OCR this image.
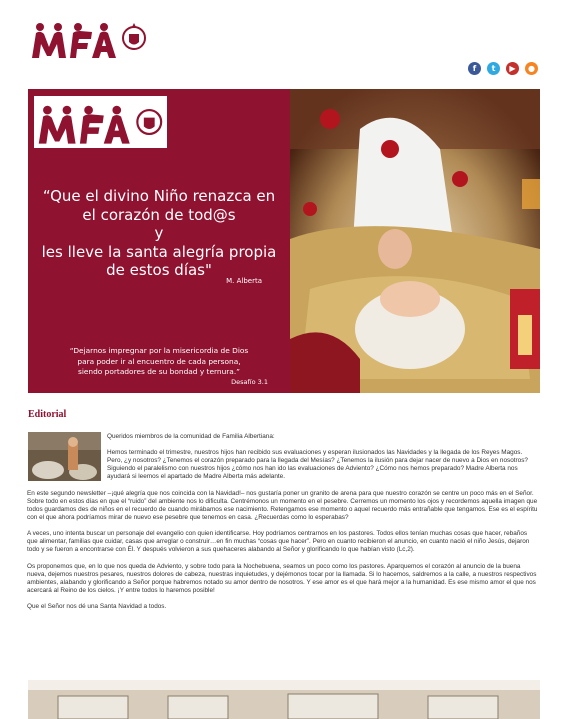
f	t	▶	●
“Que el divino Niño renazca en
el corazón de tod@s
y
les lleve la santa alegría propia
de estos días"
M. Alberta
“Dejarnos impregnar por la misericordia de Dios
para poder ir al encuentro de cada persona,
siendo portadores de su bondad y ternura.”
Desafío 3.1
Editorial

Queridos miembros de la comunidad de Familia Albertiana:

Hemos terminado el trimestre, nuestros hijos han recibido sus evaluaciones y esperan ilusionados las Navidades y la llegada de los Reyes Magos. Pero, ¿y nosotros? ¿Tenemos el corazón preparado para la llegada del Mesías? ¿Tenemos la ilusión para dejar nacer de nuevo a Dios en nosotros? Siguiendo el paralelismo con nuestros hijos ¿cómo nos han ido las evaluaciones de Adviento? ¿Cómo nos hemos preparado? Madre Alberta nos ayudará si leemos el apartado de Madre Alberta más adelante.

En este segundo newsletter –¡qué alegría que nos coincida con la Navidad!– nos gustaría poner un granito de arena para que nuestro corazón se centre un poco más en el Señor. Sobre todo en estos días en que el “ruido” del ambiente nos lo dificulta. Centrémonos un momento en el pesebre. Cerremos un momento los ojos y recordemos aquella imagen que todos guardamos des de niños en el recuerdo de cuando mirábamos ese nacimiento. Retengamos ese momento o aquel recuerdo más entrañable que tengamos. Ese es el espíritu con el que ahora podríamos mirar de nuevo ese pesebre que tenemos en casa. ¿Recuerdas como lo esperabas?

A veces, uno intenta buscar un personaje del evangelio con quien identificarse. Hoy podríamos centrarnos en los pastores. Todos ellos tenían muchas cosas que hacer, rebaños que alimentar, familias que cuidar, casas que arreglar o construir…en fin muchas “cosas que hacer”. Pero en cuanto recibieron el anuncio, en cuanto nació el niño Jesús, dejaron todo y se fueron a encontrarse con Él. Y después volvieron a sus quehaceres alabando al Señor y glorificando lo que habían visto (Lc,2).

Os proponemos que, en lo que nos queda de Adviento, y sobre todo para la Nochebuena, seamos un poco como los pastores. Aparquemos el corazón al anuncio de la buena nueva, dejemos nuestros pesares, nuestros dolores de cabeza, nuestras inquietudes, y dejémonos tocar por la llamada. Si lo hacemos, saldremos a la calle, a nuestros respectivos ambientes, alabando y glorificando a Señor porque habremos notado su amor dentro de nosotros. Y ese amor es el que hará mejor a la humanidad. Es ese mismo amor el que nos acercará al Reino de los cielos. ¡Y entre todos lo haremos posible!

Que el Señor nos dé una Santa Navidad a todos.
